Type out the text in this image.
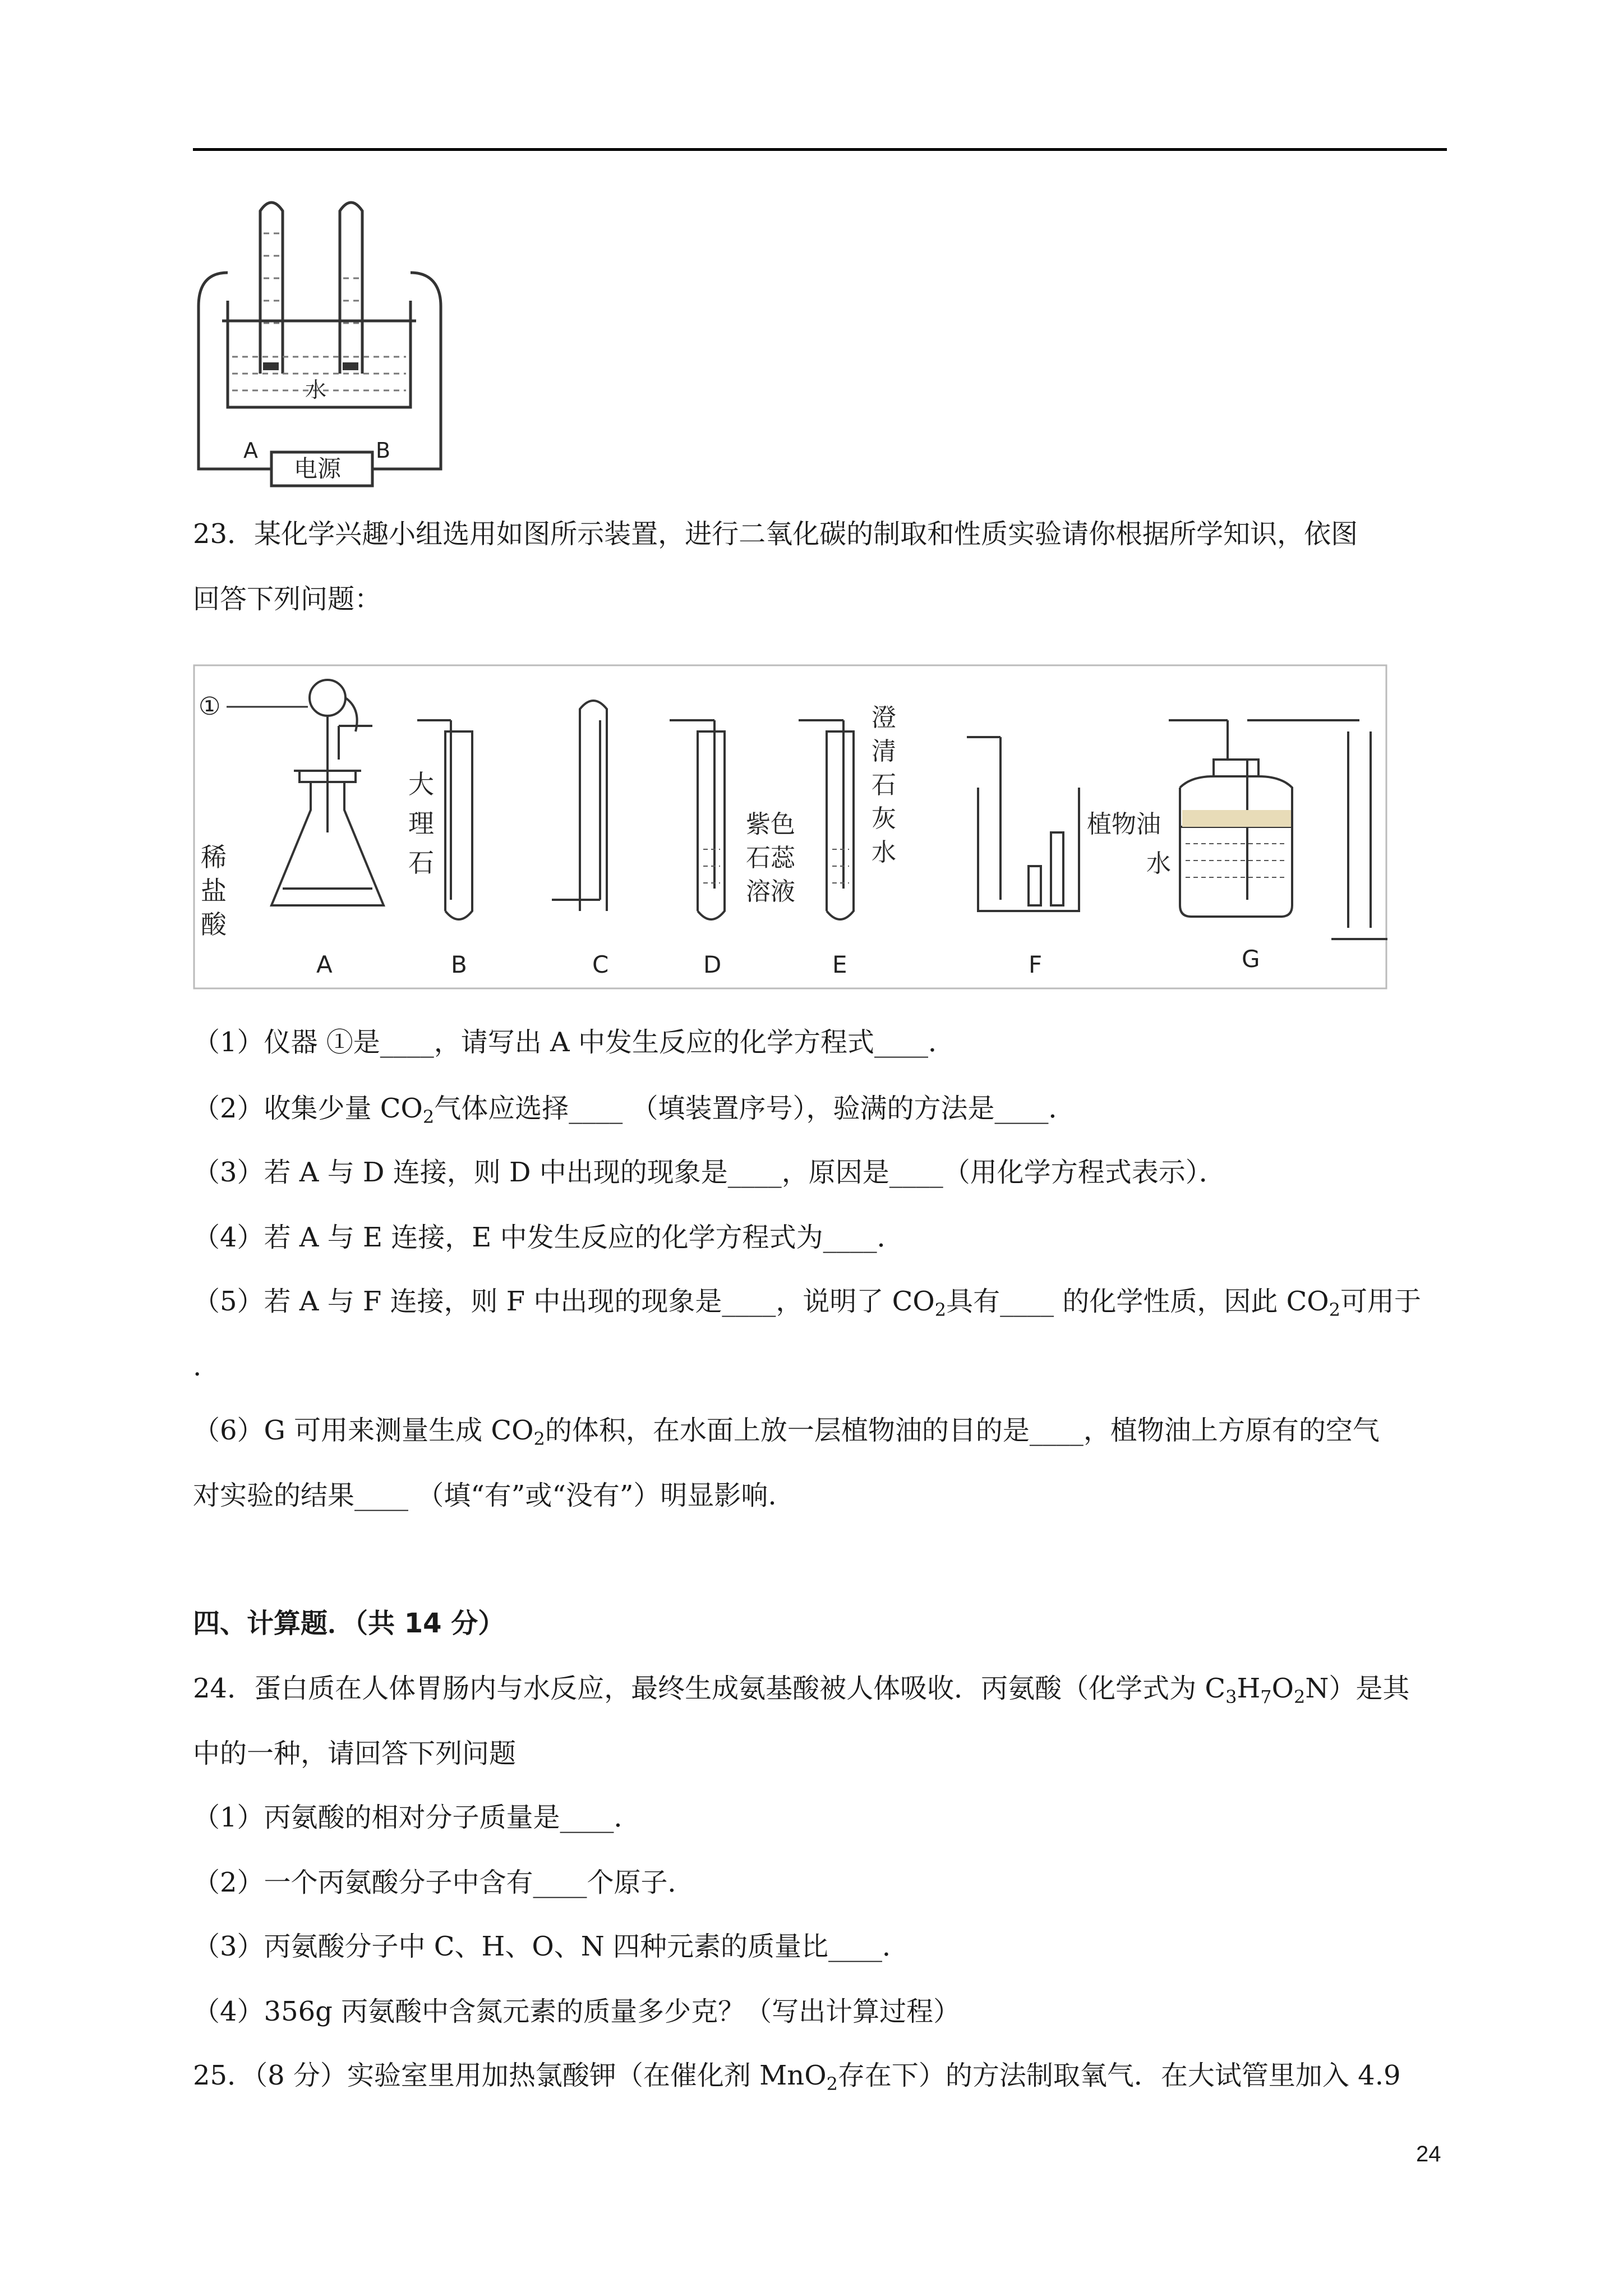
A	B
水
电源
23．某化学兴趣小组选用如图所示装置，进行二氧化碳的制取和性质实验请你根据所学知识，依图
回答下列问题：
①
稀
盐
酸
大
理
石
紫色
石蕊
溶液
澄
清
石
灰
水
植物油
水
A	B	C	D	E	F	G
（1）仪器 ①是____，请写出 A 中发生反应的化学方程式____．
（2）收集少量 $CO_2$气体应选择____ （填装置序号），验满的方法是____．
（3）若 A 与 D 连接，则 D 中出现的现象是____，原因是____（用化学方程式表示）．
（4）若 A 与 E 连接，E 中发生反应的化学方程式为____．
（5）若 A 与 F 连接，则 F 中出现的现象是____，说明了 $CO_2$具有____ 的化学性质，因此 $CO_2$可用于
.
（6）G 可用来测量生成 $CO_2$的体积，在水面上放一层植物油的目的是____，植物油上方原有的空气
对实验的结果____ （填“有”或“没有”）明显影响.
四、计算题．（共 14 分）
24．蛋白质在人体胃肠内与水反应，最终生成氨基酸被人体吸收．丙氨酸（化学式为 $C_3H_7O_2N$）是其
中的一种，请回答下列问题
（1）丙氨酸的相对分子质量是____．
（2）一个丙氨酸分子中含有____个原子．
（3）丙氨酸分子中 C、H、O、N 四种元素的质量比____．
（4）356g 丙氨酸中含氮元素的质量多少克？（写出计算过程）
25．（8 分）实验室里用加热氯酸钾（在催化剂 MnO$_2$存在下）的方法制取氧气．在大试管里加入 4.9
24
